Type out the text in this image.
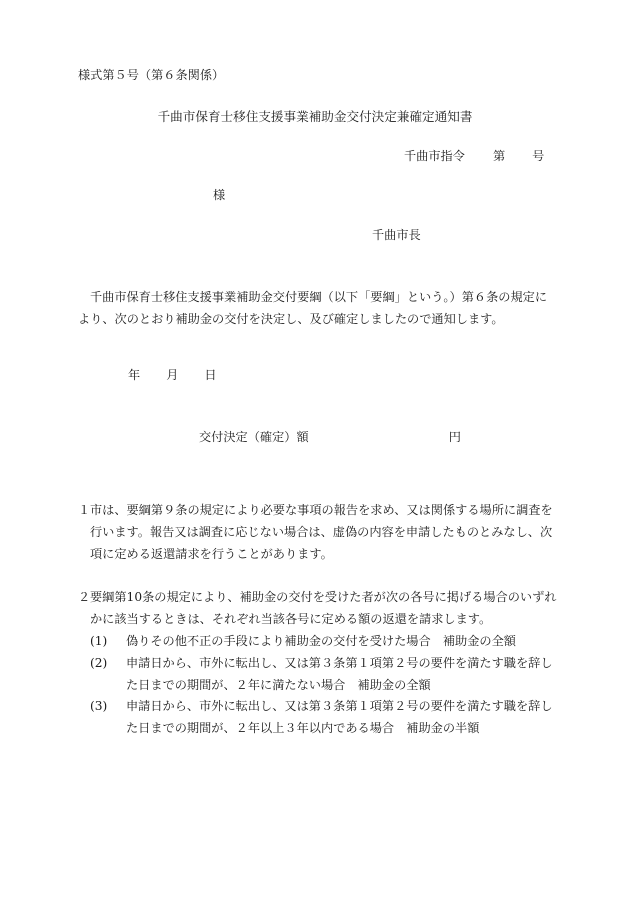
様式第５号（第６条関係）
千曲市保育士移住支援事業補助金交付決定兼確定通知書
千曲市指令 第 号
様
千曲市長

千曲市保育士移住支援事業補助金交付要綱（以下「要綱」という。）第６条の規定により、次のとおり補助金の交付を決定し、及び確定しましたので通知します。

年 月 日
交付決定（確定）額	円

１ 市は、要綱第９条の規定により必要な事項の報告を求め、又は関係する場所に調査を行います。報告又は調査に応じない場合は、虚偽の内容を申請したものとみなし、次項に定める返還請求を行うことがあります。

２ 要綱第10条の規定により、補助金の交付を受けた者が次の各号に掲げる場合のいずれかに該当するときは、それぞれ当該各号に定める額の返還を請求します。

(1) 偽りその他不正の手段により補助金の交付を受けた場合　補助金の全額

(2) 申請日から、市外に転出し、又は第３条第１項第２号の要件を満たす職を辞した日までの期間が、２年に満たない場合　補助金の全額

(3) 申請日から、市外に転出し、又は第３条第１項第２号の要件を満たす職を辞した日までの期間が、２年以上３年以内である場合　補助金の半額
